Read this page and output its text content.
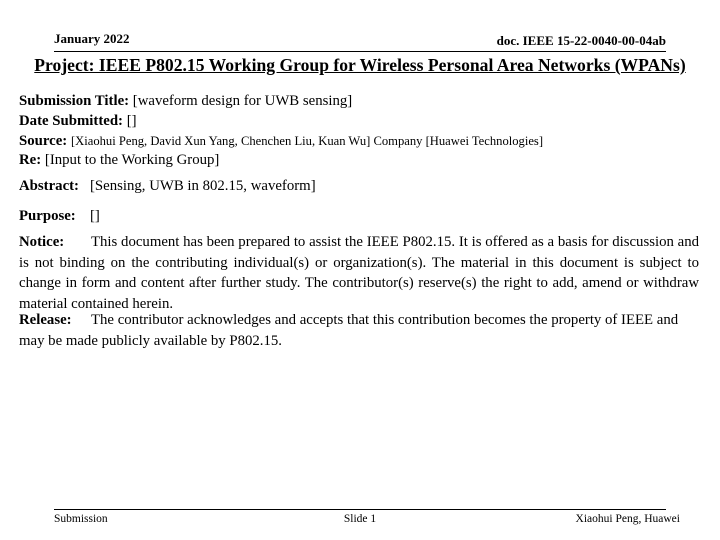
January 2022	doc. IEEE 15-22-0040-00-04ab
Project: IEEE P802.15 Working Group for Wireless Personal Area Networks (WPANs)
Submission Title: [waveform design for UWB sensing]
Date Submitted: []
Source: [Xiaohui Peng, David Xun Yang, Chenchen Liu, Kuan Wu] Company [Huawei Technologies]
Re: [Input to the Working Group]
Abstract: [Sensing, UWB in 802.15, waveform]
Purpose: []
Notice: This document has been prepared to assist the IEEE P802.15. It is offered as a basis for discussion and is not binding on the contributing individual(s) or organization(s). The material in this document is subject to change in form and content after further study. The contributor(s) reserve(s) the right to add, amend or withdraw material contained herein.
Release: The contributor acknowledges and accepts that this contribution becomes the property of IEEE and may be made publicly available by P802.15.
Submission	Slide 1	Xiaohui Peng, Huawei
